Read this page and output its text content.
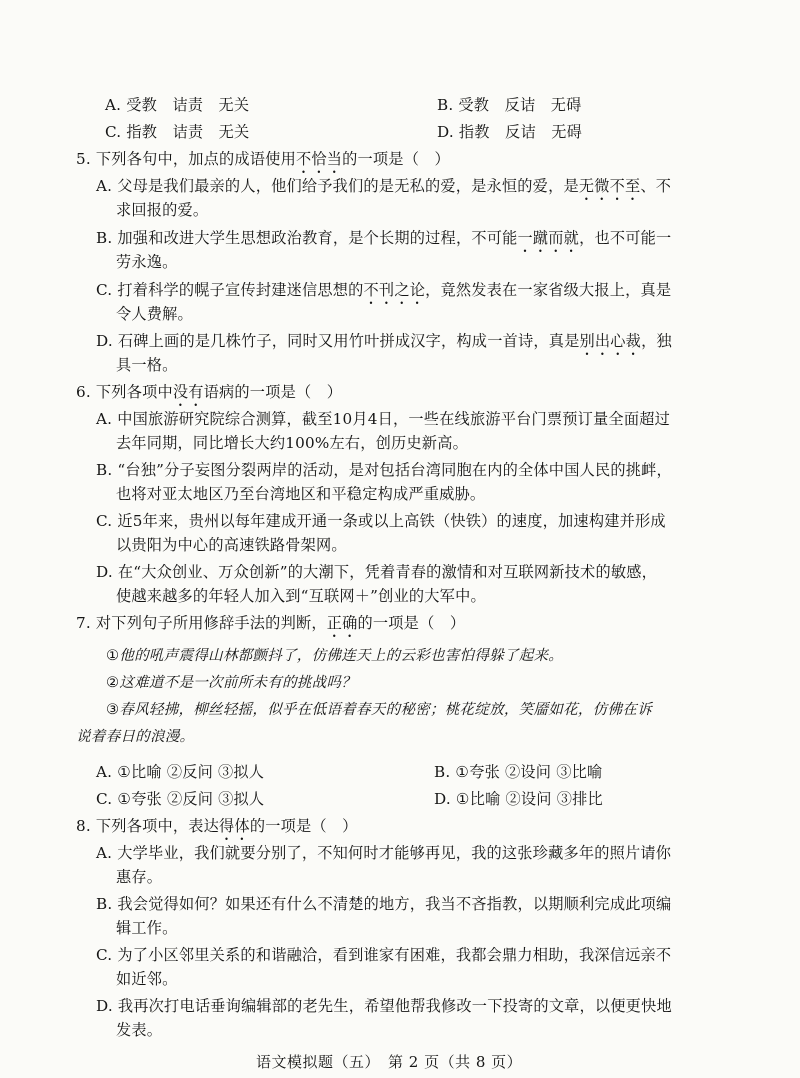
A. 受教　诘责　无关	B. 受教　反诘　无碍
C. 指教　诘责　无关	D. 指教　反诘　无碍
5. 下列各句中，加点的成语使用不恰当的一项是（　）
A. 父母是我们最亲的人，他们给予我们的是无私的爱，是永恒的爱，是无微不至、不
求回报的爱。
B. 加强和改进大学生思想政治教育，是个长期的过程，不可能一蹴而就，也不可能一
劳永逸。
C. 打着科学的幌子宣传封建迷信思想的不刊之论，竟然发表在一家省级大报上，真是
令人费解。
D. 石碑上画的是几株竹子，同时又用竹叶拼成汉字，构成一首诗，真是别出心裁，独
具一格。
6. 下列各项中没有语病的一项是（　）
A. 中国旅游研究院综合测算，截至10月4日，一些在线旅游平台门票预订量全面超过
去年同期，同比增长大约100%左右，创历史新高。
B. “台独”分子妄图分裂两岸的活动，是对包括台湾同胞在内的全体中国人民的挑衅，
也将对亚太地区乃至台湾地区和平稳定构成严重威胁。
C. 近5年来，贵州以每年建成开通一条或以上高铁（快铁）的速度，加速构建并形成
以贵阳为中心的高速铁路骨架网。
D. 在“大众创业、万众创新”的大潮下，凭着青春的激情和对互联网新技术的敏感，
使越来越多的年轻人加入到“互联网＋”创业的大军中。
7. 对下列句子所用修辞手法的判断，正确的一项是（　）
①他的吼声震得山林都颤抖了，仿佛连天上的云彩也害怕得躲了起来。
②这难道不是一次前所未有的挑战吗？
③春风轻拂，柳丝轻摇，似乎在低语着春天的秘密；桃花绽放，笑靥如花，仿佛在诉
说着春日的浪漫。
A. ①比喻 ②反问 ③拟人	B. ①夸张 ②设问 ③比喻
C. ①夸张 ②反问 ③拟人	D. ①比喻 ②设问 ③排比
8. 下列各项中，表达得体的一项是（　）
A. 大学毕业，我们就要分别了，不知何时才能够再见，我的这张珍藏多年的照片请你
惠存。
B. 我会觉得如何？如果还有什么不清楚的地方，我当不吝指教，以期顺利完成此项编
辑工作。
C. 为了小区邻里关系的和谐融洽，看到谁家有困难，我都会鼎力相助，我深信远亲不
如近邻。
D. 我再次打电话垂询编辑部的老先生，希望他帮我修改一下投寄的文章，以便更快地
发表。
语文模拟题（五）　第 2 页（共 8 页）
